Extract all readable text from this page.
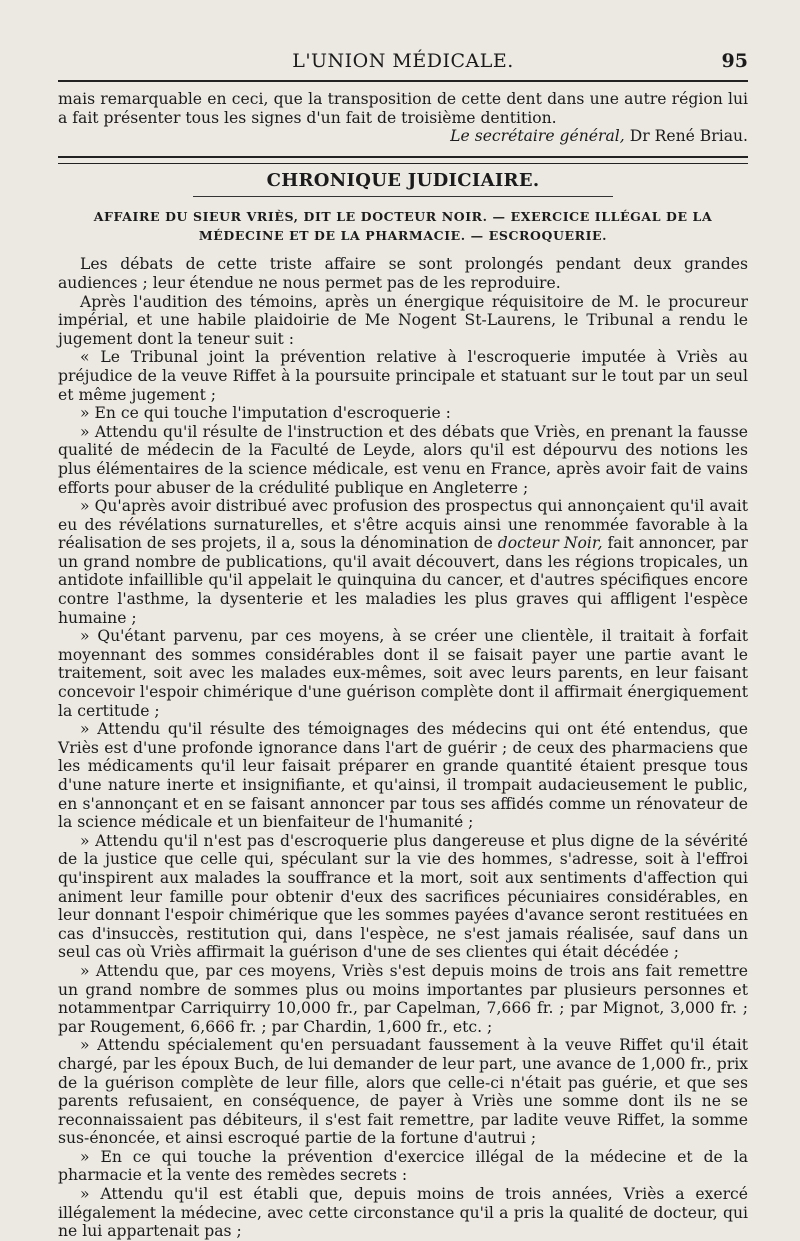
L'UNION MÉDICALE.	95

mais remarquable en ceci, que la transposition de cette dent dans une autre région lui a fait présenter tous les signes d'un fait de troisième dentition.

Le secrétaire général, Dr René Briau.

CHRONIQUE JUDICIAIRE.
AFFAIRE DU SIEUR VRIÈS, DIT LE DOCTEUR NOIR. — EXERCICE ILLÉGAL DE LA
MÉDECINE ET DE LA PHARMACIE. — ESCROQUERIE.

Les débats de cette triste affaire se sont prolongés pendant deux grandes audiences ; leur étendue ne nous permet pas de les reproduire.

Après l'audition des témoins, après un énergique réquisitoire de M. le procureur impérial, et une habile plaidoirie de Me Nogent St-Laurens, le Tribunal a rendu le jugement dont la teneur suit :

« Le Tribunal joint la prévention relative à l'escroquerie imputée à Vriès au préjudice de la veuve Riffet à la poursuite principale et statuant sur le tout par un seul et même jugement ;

» En ce qui touche l'imputation d'escroquerie :

» Attendu qu'il résulte de l'instruction et des débats que Vriès, en prenant la fausse qualité de médecin de la Faculté de Leyde, alors qu'il est dépourvu des notions les plus élémentaires de la science médicale, est venu en France, après avoir fait de vains efforts pour abuser de la crédulité publique en Angleterre ;

» Qu'après avoir distribué avec profusion des prospectus qui annonçaient qu'il avait eu des révélations surnaturelles, et s'être acquis ainsi une renommée favorable à la réalisation de ses projets, il a, sous la dénomination de docteur Noir, fait annoncer, par un grand nombre de publications, qu'il avait découvert, dans les régions tropicales, un antidote infaillible qu'il appelait le quinquina du cancer, et d'autres spécifiques encore contre l'asthme, la dysenterie et les maladies les plus graves qui affligent l'espèce humaine ;

» Qu'étant parvenu, par ces moyens, à se créer une clientèle, il traitait à forfait moyennant des sommes considérables dont il se faisait payer une partie avant le traitement, soit avec les malades eux-mêmes, soit avec leurs parents, en leur faisant concevoir l'espoir chimérique d'une guérison complète dont il affirmait énergiquement la certitude ;

» Attendu qu'il résulte des témoignages des médecins qui ont été entendus, que Vriès est d'une profonde ignorance dans l'art de guérir ; de ceux des pharmaciens que les médicaments qu'il leur faisait préparer en grande quantité étaient presque tous d'une nature inerte et insignifiante, et qu'ainsi, il trompait audacieusement le public, en s'annonçant et en se faisant annoncer par tous ses affidés comme un rénovateur de la science médicale et un bienfaiteur de l'humanité ;

» Attendu qu'il n'est pas d'escroquerie plus dangereuse et plus digne de la sévérité de la justice que celle qui, spéculant sur la vie des hommes, s'adresse, soit à l'effroi qu'inspirent aux malades la souffrance et la mort, soit aux sentiments d'affection qui animent leur famille pour obtenir d'eux des sacrifices pécuniaires considérables, en leur donnant l'espoir chimérique que les sommes payées d'avance seront restituées en cas d'insuccès, restitution qui, dans l'espèce, ne s'est jamais réalisée, sauf dans un seul cas où Vriès affirmait la guérison d'une de ses clientes qui était décédée ;

» Attendu que, par ces moyens, Vriès s'est depuis moins de trois ans fait remettre un grand nombre de sommes plus ou moins importantes par plusieurs personnes et notammentpar Carriquirry 10,000 fr., par Capelman, 7,666 fr. ; par Mignot, 3,000 fr. ; par Rougement, 6,666 fr. ; par Chardin, 1,600 fr., etc. ;

» Attendu spécialement qu'en persuadant faussement à la veuve Riffet qu'il était chargé, par les époux Buch, de lui demander de leur part, une avance de 1,000 fr., prix de la guérison complète de leur fille, alors que celle-ci n'était pas guérie, et que ses parents refusaient, en conséquence, de payer à Vriès une somme dont ils ne se reconnaissaient pas débiteurs, il s'est fait remettre, par ladite veuve Riffet, la somme sus-énoncée, et ainsi escroqué partie de la fortune d'autrui ;

» En ce qui touche la prévention d'exercice illégal de la médecine et de la pharmacie et la vente des remèdes secrets :

» Attendu qu'il est établi que, depuis moins de trois années, Vriès a exercé illégalement la médecine, avec cette circonstance qu'il a pris la qualité de docteur, qui ne lui appartenait pas ;
